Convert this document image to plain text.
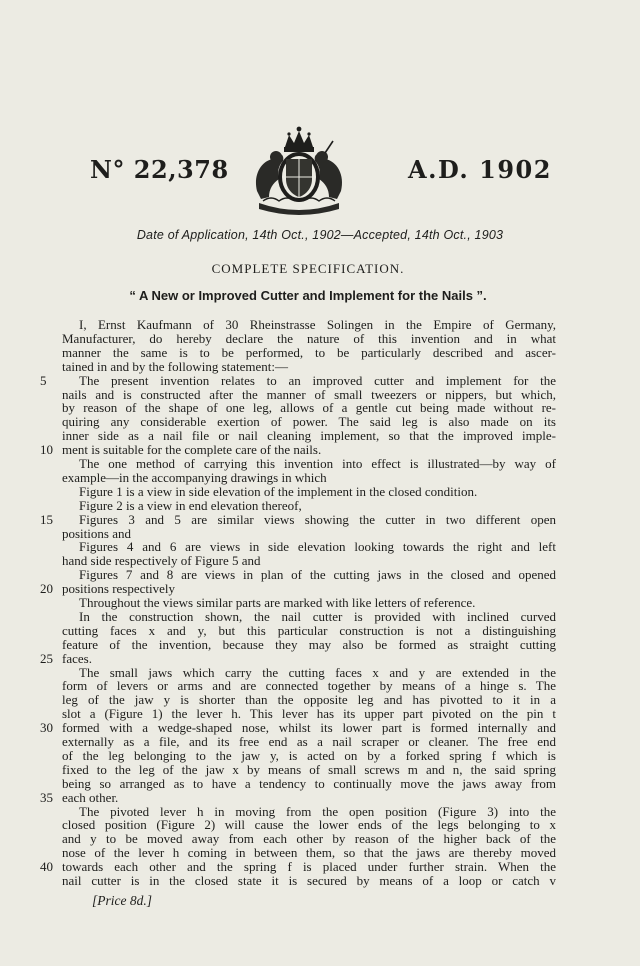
N° 22,378	A.D. 1902
Date of Application, 14th Oct., 1902—Accepted, 14th Oct., 1903
COMPLETE SPECIFICATION.
“ A New or Improved Cutter and Implement for the Nails ”.
I, Ernst Kaufmann of 30 Rheinstrasse Solingen in the Empire of Germany,
Manufacturer, do hereby declare the nature of this invention and in what
manner the same is to be performed, to be particularly described and ascer-
tained in and by the following statement:—
The present invention relates to an improved cutter and implement for the
5
nails and is constructed after the manner of small tweezers or nippers, but which,
by reason of the shape of one leg, allows of a gentle cut being made without re-
quiring any considerable exertion of power. The said leg is also made on its
inner side as a nail file or nail cleaning implement, so that the improved imple-
ment is suitable for the complete care of the nails.
10
The one method of carrying this invention into effect is illustrated—by way of
example—in the accompanying drawings in which
Figure 1 is a view in side elevation of the implement in the closed condition.
Figure 2 is a view in end elevation thereof,
Figures 3 and 5 are similar views showing the cutter in two different open
15
positions and
Figures 4 and 6 are views in side elevation looking towards the right and left
hand side respectively of Figure 5 and
Figures 7 and 8 are views in plan of the cutting jaws in the closed and opened
positions respectively
20
Throughout the views similar parts are marked with like letters of reference.
In the construction shown, the nail cutter is provided with inclined curved
cutting faces x and y, but this particular construction is not a distinguishing
feature of the invention, because they may also be formed as straight cutting
faces.
25
The small jaws which carry the cutting faces x and y are extended in the
form of levers or arms and are connected together by means of a hinge s. The
leg of the jaw y is shorter than the opposite leg and has pivotted to it in a
slot a (Figure 1) the lever h. This lever has its upper part pivoted on the pin t
formed with a wedge-shaped nose, whilst its lower part is formed internally and
30
externally as a file, and its free end as a nail scraper or cleaner. The free end
of the leg belonging to the jaw y, is acted on by a forked spring f which is
fixed to the leg of the jaw x by means of small screws m and n, the said spring
being so arranged as to have a tendency to continually move the jaws away from
each other.
35
The pivoted lever h in moving from the open position (Figure 3) into the
closed position (Figure 2) will cause the lower ends of the legs belonging to x
and y to be moved away from each other by reason of the higher back of the
nose of the lever h coming in between them, so that the jaws are thereby moved
towards each other and the spring f is placed under further strain. When the
40
nail cutter is in the closed state it is secured by means of a loop or catch v
[Price 8d.]
